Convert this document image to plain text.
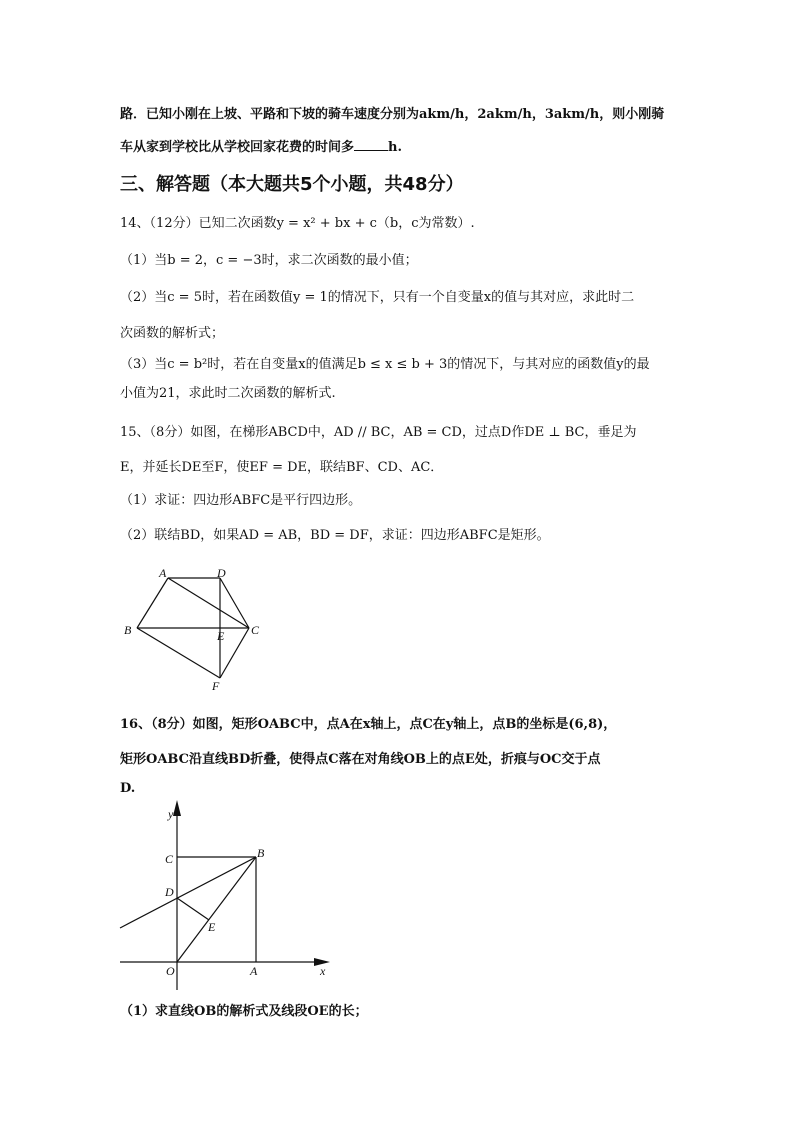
路．已知小刚在上坡、平路和下坡的骑车速度分别为akm/h，2akm/h，3akm/h，则小刚骑
车从家到学校比从学校回家花费的时间多	h.
三、解答题（本大题共5个小题，共48分）
14、（12分）已知二次函数y = x² + bx + c（b，c为常数）.
（1）当b = 2，c = −3时，求二次函数的最小值；
（2）当c = 5时，若在函数值y = 1的情况下，只有一个自变量x的值与其对应，求此时二
次函数的解析式；
（3）当c = b²时，若在自变量x的值满足b ≤ x ≤ b + 3的情况下，与其对应的函数值y的最
小值为21，求此时二次函数的解析式.
15、（8分）如图，在梯形ABCD中，AD // BC，AB = CD，过点D作DE ⊥ BC，垂足为
E，并延长DE至F，使EF = DE，联结BF、CD、AC．
（1）求证：四边形ABFC是平行四边形。
（2）联结BD，如果AD = AB，BD = DF，求证：四边形ABFC是矩形。
A	D
B	E C
F
16、（8分）如图，矩形OABC中，点A在x轴上，点C在y轴上，点B的坐标是(6,8)，
矩形OABC沿直线BD折叠，使得点C落在对角线OB上的点E处，折痕与OC交于点
D.
y
C	B
D
E
O	A	x
（1）求直线OB的解析式及线段OE的长；
